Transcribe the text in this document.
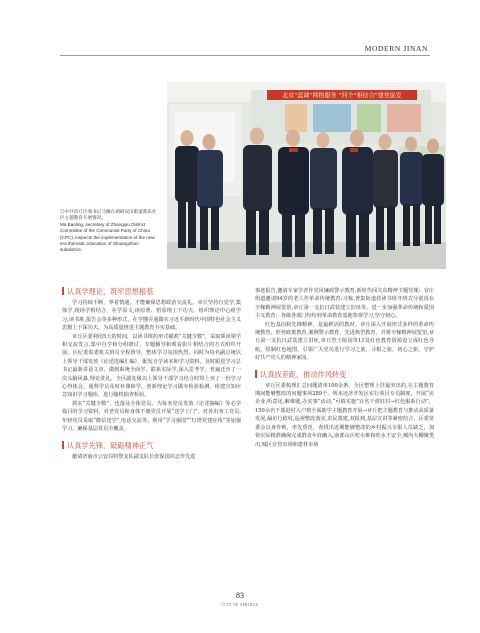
MODERN JINAN
北京“蓝调”网格服务 “四个“相结合”建党促发

◎中共章丘区委书记马佩在调研双山街道新乐社区主题教育开展情况。

Ma Baoling, secretary of Zhangqiu District Committee of the Communist Party of China (CPC), inspects the implementation of the new era thematic education of Shuangshan subdistrict.

认真学理论，筑牢思想根基

学习持续不断，界着情通，才能确保思想政治交流礼。章丘坚持自觉学,集体学,现场学相结合，在学原文,读原著、悟原理上下功夫。组织理论中心组学习,读书班,报告会等多种形式，在学懂弄通做实习近平新时代中国特色社会主义思想上下深功夫，为高质量推进主题教育夯实基础。

章丘区委利用5天的时间，以读书班的形式瞄准“关键少数”，采取领读领学和交流发言,集中自学和分组研讨，专题辅导和观看影片相结合的方式组织开展。区纪委监委机关班员全程督导，整体学习氛围热烈。同时为每名副总统以上领导干部发放《论述选编汇编》，配发自学读本和学习资料。及时跟进学习总书记最新讲话文章，做到系统全面学、联系实际学,深入思考学，普遍迁历了一次头脑风暴,理论洗礼。全区副处级以上领导干部学习结合时带上突了一份学习心得体会，通督学员及时补课和学。创新理论学习做夯检验检测，组建宣知应急知识学习题库，进行随机抽查检验。

抓实“关键少数”，也落及全体党员。为每名党员发放《论述摘编》等必学篇目的学习资料，对老党员和身体不便党员开展“送学上门”，对外出务工党员,年轻党员采取“微信送学”,电话交流等。利用“学习强国”“灯塔党建在线”等加强学习，确保基层党员全覆盖。

认真学先锋，砥砺精神正气

邀请济南市公安局特警支队副支队长张保国同志作先进

事迹报告,邀请专家学者作党风廉政警示教育,新时代闯关东精神主题党课；官庄街道邀请94岁的老人作革命传统教育;习栋,普集街道持读书班开班式分别没在辛稼精神展览馆,章丘第一支抗日武装建立旧址等，进一步加强革命传统和爱国主义教育；各级各部门纷纷到革命教育基地参观学习,坚守初心。

红色基因和先锋精神，是最鲜活的教材。章丘深入开展形式多样的革命传统教育，形势政策教育,案例警示教育，先进典型教育，并将辛稼精神展览馆,章丘第一支抗日武装建立旧址,章丘烈士陵园等11处红色教育资源设立成红色导航，绘制红色地图，引领广大党员进行学习之旅，寻根之旅，初心之旅，守护好共产党人的精神家园。

认真找差距，推动作风转变

章丘区委梳理汇总问题清单100余条。全区整理上挂最突出的,在主题教育期间能够整改的问题事项289个，明末还济开发区实行项目专员制度，开展“访企业,听意见,解难题,办实事”活动,“可镇实施”百名干部驻村→红色服系行动”，150余名干部进村入户到全面助学主题教育开展→章丘把主题教育与推动高质量发展,漏访行政村,巡视整改落实,农民蔑建,双报到,基层宣讲等紧密结合，区委常委会以身作则，率先垂范，查找出近期能够整改的乡村振兴专职人员缺乏，加快实际精准确保完成群众年底幽入,南部山区吃水难和吃水不安全,城内大棚聚类出,城区宣管市场和建材市场

83
CITY OF SPRINGS
